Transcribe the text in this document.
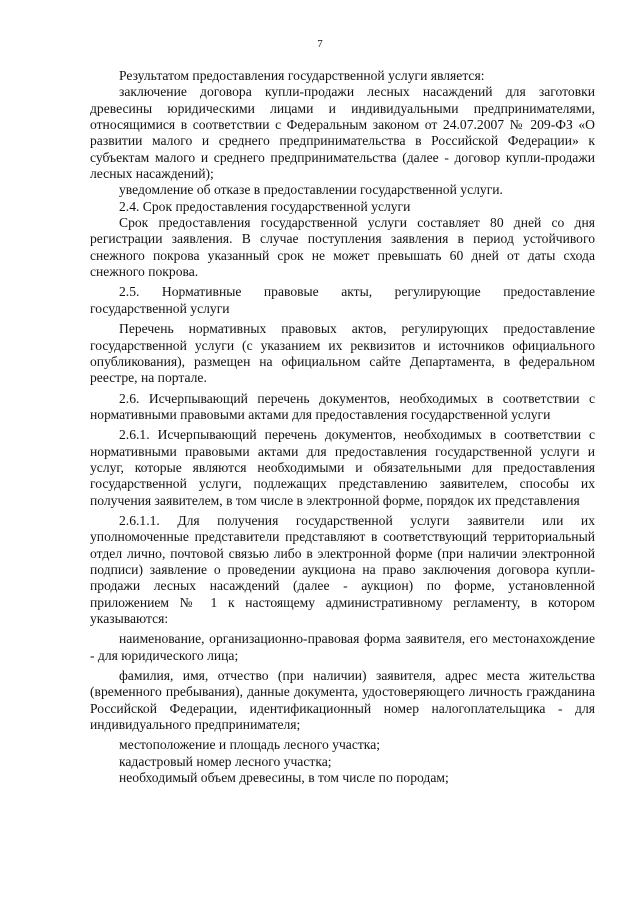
7

Результатом предоставления государственной услуги является:

заключение договора купли-продажи лесных насаждений для заготовки древесины юридическими лицами и индивидуальными предпринимателями, относящимися в соответствии с Федеральным законом от 24.07.2007 № 209-ФЗ «О развитии малого и среднего предпринимательства в Российской Федерации» к субъектам малого и среднего предпринимательства (далее - договор купли-продажи лесных насаждений);

уведомление об отказе в предоставлении государственной услуги.

2.4. Срок предоставления государственной услуги

Срок предоставления государственной услуги составляет 80 дней со дня регистрации заявления. В случае поступления заявления в период устойчивого снежного покрова указанный срок не может превышать 60 дней от даты схода снежного покрова.

2.5. Нормативные правовые акты, регулирующие предоставление государственной услуги

Перечень нормативных правовых актов, регулирующих предоставление государственной услуги (с указанием их реквизитов и источников официального опубликования), размещен на официальном сайте Департамента, в федеральном реестре, на портале.

2.6. Исчерпывающий перечень документов, необходимых в соответствии с нормативными правовыми актами для предоставления государственной услуги

2.6.1. Исчерпывающий перечень документов, необходимых в соответствии с нормативными правовыми актами для предоставления государственной услуги и услуг, которые являются необходимыми и обязательными для предоставления государственной услуги, подлежащих представлению заявителем, способы их получения заявителем, в том числе в электронной форме, порядок их представления

2.6.1.1. Для получения государственной услуги заявители или их уполномоченные представители представляют в соответствующий территориальный отдел лично, почтовой связью либо в электронной форме (при наличии электронной подписи) заявление о проведении аукциона на право заключения договора купли-продажи лесных насаждений (далее - аукцион) по форме, установленной приложением № 1 к настоящему административному регламенту, в котором указываются:

наименование, организационно-правовая форма заявителя, его местонахождение - для юридического лица;

фамилия, имя, отчество (при наличии) заявителя, адрес места жительства (временного пребывания), данные документа, удостоверяющего личность гражданина Российской Федерации, идентификационный номер налогоплательщика - для индивидуального предпринимателя;

местоположение и площадь лесного участка;

кадастровый номер лесного участка;

необходимый объем древесины, в том числе по породам;
